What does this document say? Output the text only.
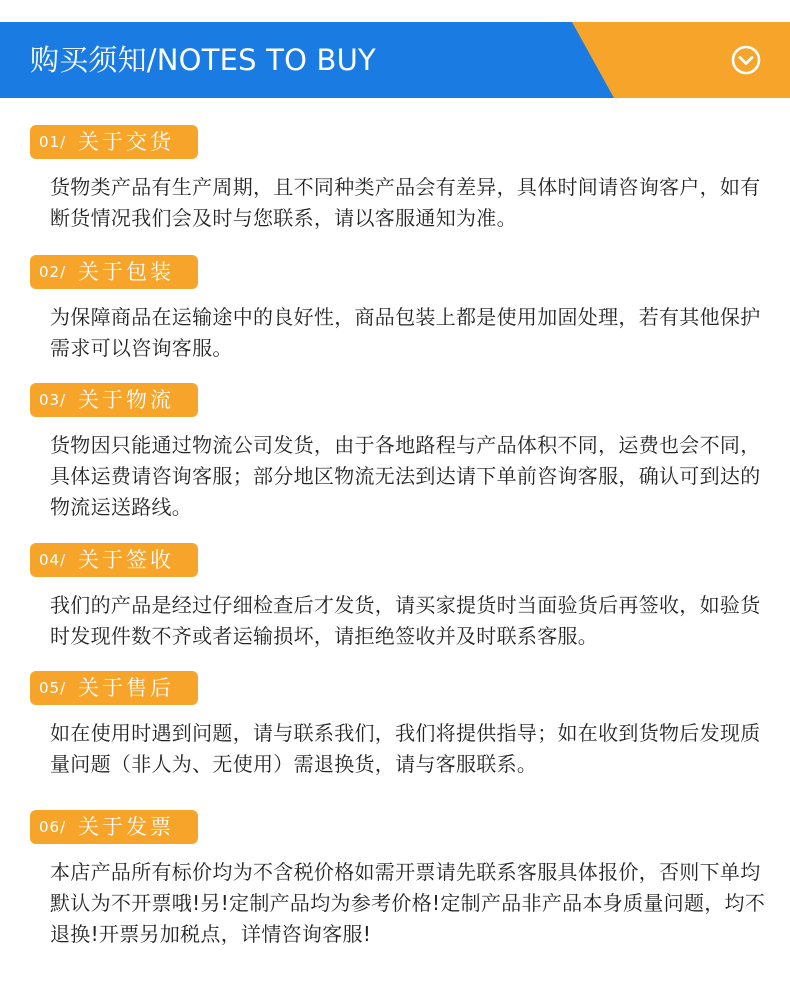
购买须知/NOTES TO BUY
01/ 关于交货

货物类产品有生产周期，且不同种类产品会有差异，具体时间请咨询客户，如有断货情况我们会及时与您联系，请以客服通知为准。

02/ 关于包装

为保障商品在运输途中的良好性，商品包装上都是使用加固处理，若有其他保护需求可以咨询客服。

03/ 关于物流

货物因只能通过物流公司发货，由于各地路程与产品体积不同，运费也会不同，具体运费请咨询客服；部分地区物流无法到达请下单前咨询客服，确认可到达的物流运送路线。

04/ 关于签收

我们的产品是经过仔细检查后才发货，请买家提货时当面验货后再签收，如验货时发现件数不齐或者运输损坏，请拒绝签收并及时联系客服。

05/ 关于售后

如在使用时遇到问题，请与联系我们，我们将提供指导；如在收到货物后发现质量问题（非人为、无使用）需退换货，请与客服联系。

06/ 关于发票

本店产品所有标价均为不含税价格如需开票请先联系客服具体报价，否则下单均默认为不开票哦!另!定制产品均为参考价格!定制产品非产品本身质量问题，均不退换!开票另加税点，详情咨询客服!
